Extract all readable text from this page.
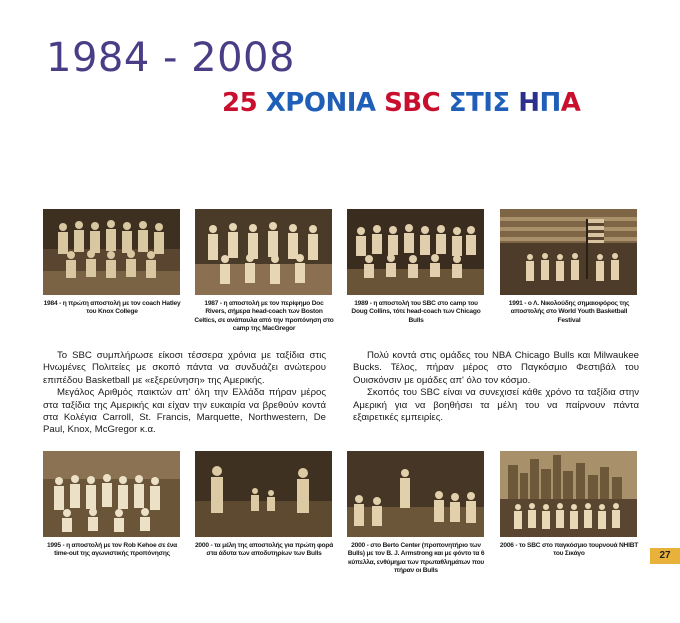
1984 - 2008
25 ΧΡΟΝΙΑ SBC ΣΤΙΣ ΗΠΑ
1984 - η πρώτη αποστολή με τον coach Hatley του Knox College
1987 - η αποστολή με τον περίφημο Doc Rivers, σήμερα head-coach των Boston Celtics, σε ανάπαυλα από την προπόνηση στο camp της MacGregor
1989 - η αποστολή του SBC στο camp του Doug Collins, τότε head-coach των Chicago Bulls
1991 - ο Λ. Νικολούδης σημαιοφόρος της αποστολής στο World Youth Basketball Festival

Το SBC συμπλήρωσε είκοσι τέσσερα χρόνια με ταξίδια στις Ηνωμένες Πολιτείες με σκοπό πάντα να συνδυάζει ανώτερου επιπέδου Basketball με «εξερεύνηση» της Αμερικής.

Μεγάλος Αριθμός παικτών απ' όλη την Ελλάδα πήραν μέρος στα ταξίδια της Αμερικής και είχαν την ευκαιρία να βρεθούν κοντά στα Κολέγια Carroll, St. Francis, Marquette, Northwestern, De Paul, Knox, McGregor κ.α.

Πολύ κοντά στις ομάδες του NBA Chicago Bulls και Milwaukee Bucks. Τέλος, πήραν μέρος στο Παγκόσμιο Φεστιβάλ του Ουισκόνσιν με ομάδες απ' όλο τον κόσμο.

Σκοπός του SBC είναι να συνεχισεί κάθε χρόνο τα ταξίδια στην Αμερική για να βοηθήσει τα μέλη του να παίρνουν πάντα εξαιρετικές εμπειρίες.

1995 - η αποστολή με τον Rob Kehoe σε ένα time-out της αγωνιστικής προπόνησης
2000 - τα μέλη της αποστολής για πρώτη φορά στα άδυτα των αποδυτηρίων των Bulls
2000 - στο Berto Center (προπονητήριο των Bulls) με τον B. J. Armstrong και με φόντο τα 6 κύπελλα, ενθύμημα των πρωταθλημάτων που πήραν οι Bulls
2006 - το SBC στο παγκόσμιο τουρνουά NHIBT του Σικάγο	27
